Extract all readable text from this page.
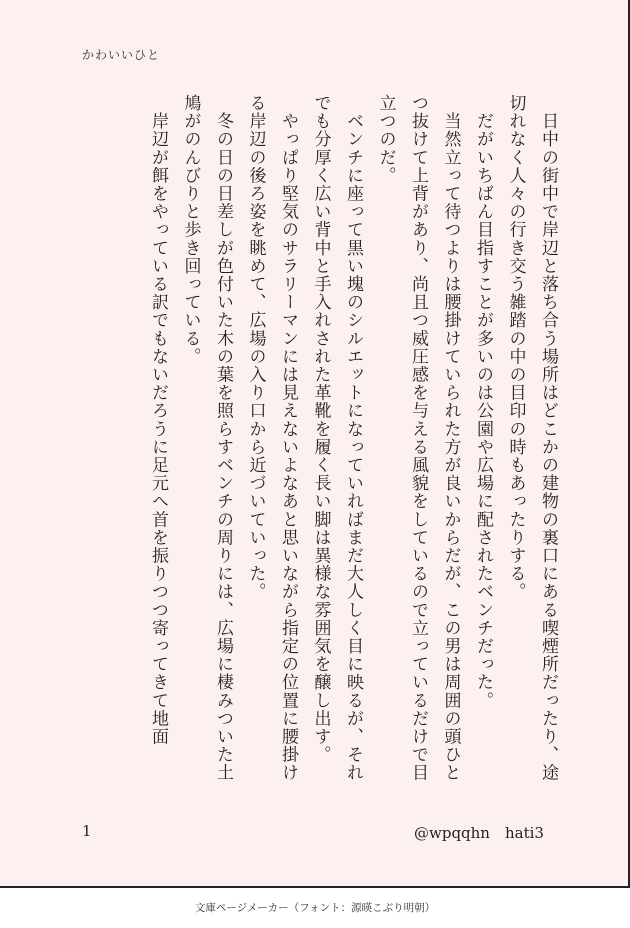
かわいいひと

　日中の街中で岸辺と落ち合う場所はどこかの建物の裏口にある喫煙所だったり、途切れなく人々の行き交う雑踏の中の目印の時もあったりする。

　だがいちばん目指すことが多いのは公園や広場に配されたベンチだった。

　当然立って待つよりは腰掛けていられた方が良いからだが、この男は周囲の頭ひとつ抜けて上背があり、尚且つ威圧感を与える風貌をしているので立っているだけで目立つのだ。

　ベンチに座って黒い塊のシルエットになっていればまだ大人しく目に映るが、それでも分厚く広い背中と手入れされた革靴を履く長い脚は異様な雰囲気を醸し出す。

　やっぱり堅気のサラリーマンには見えないよなあと思いながら指定の位置に腰掛ける岸辺の後ろ姿を眺めて、広場の入り口から近づいていった。

　冬の日の日差しが色付いた木の葉を照らすベンチの周りには、広場に棲みついた土鳩がのんびりと歩き回っている。

　岸辺が餌をやっている訳でもないだろうに足元へ首を振りつつ寄ってきて地面

1	@wpqqhn　hati3
文庫ページメーカー（フォント：源暎こぶり明朝）
